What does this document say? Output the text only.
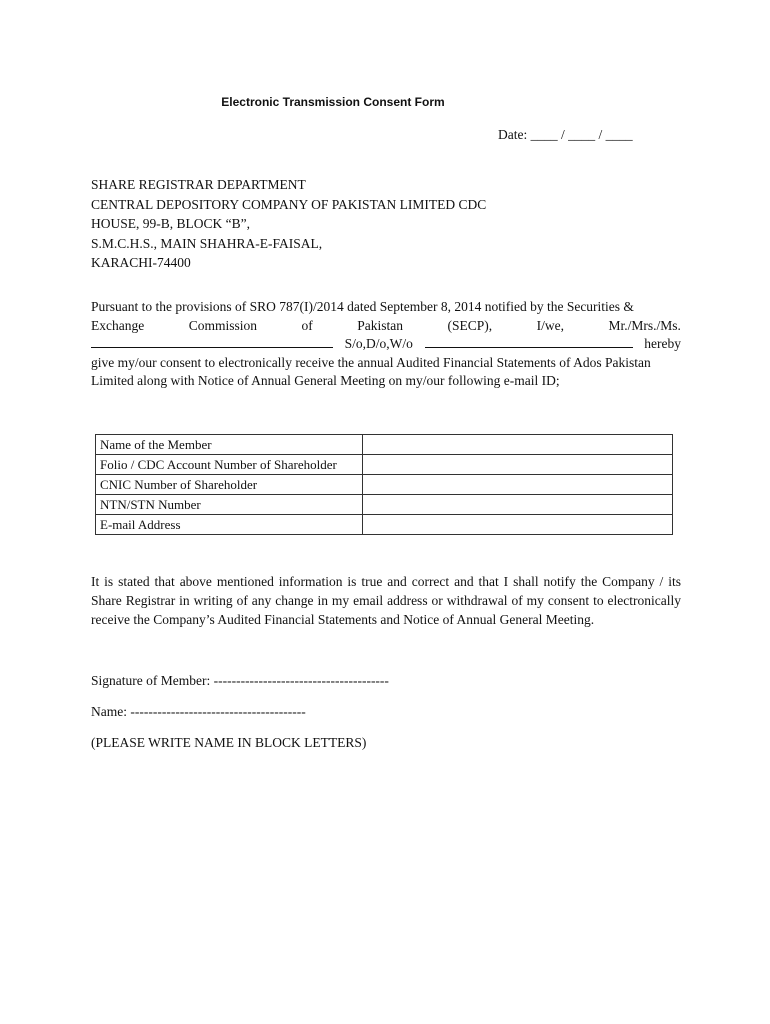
Electronic Transmission Consent Form
Date: ____ / ____ / ____
SHARE REGISTRAR DEPARTMENT
CENTRAL DEPOSITORY COMPANY OF PAKISTAN LIMITED CDC
HOUSE, 99-B, BLOCK “B”,
S.M.C.H.S., MAIN SHAHRA-E-FAISAL,
KARACHI-74400
Pursuant to the provisions of SRO 787(I)/2014 dated September 8, 2014 notified by the Securities &
Exchange	Commission	of	Pakistan	(SECP),	I/we,	Mr./Mrs./Ms.
S/o,D/o,W/o	hereby
give my/our consent to electronically receive the annual Audited Financial Statements of Ados Pakistan
Limited along with Notice of Annual General Meeting on my/our following e-mail ID;
Name of the Member	
Folio / CDC Account Number of Shareholder	
CNIC Number of Shareholder	
NTN/STN Number	
E-mail Address	
It is stated that above mentioned information is true and correct and that I shall notify the Company / its Share Registrar in writing of any change in my email address or withdrawal of my consent to electronically receive the Company’s Audited Financial Statements and Notice of Annual General Meeting.
Signature of Member: ---------------------------------------
Name: ---------------------------------------
(PLEASE WRITE NAME IN BLOCK LETTERS)
